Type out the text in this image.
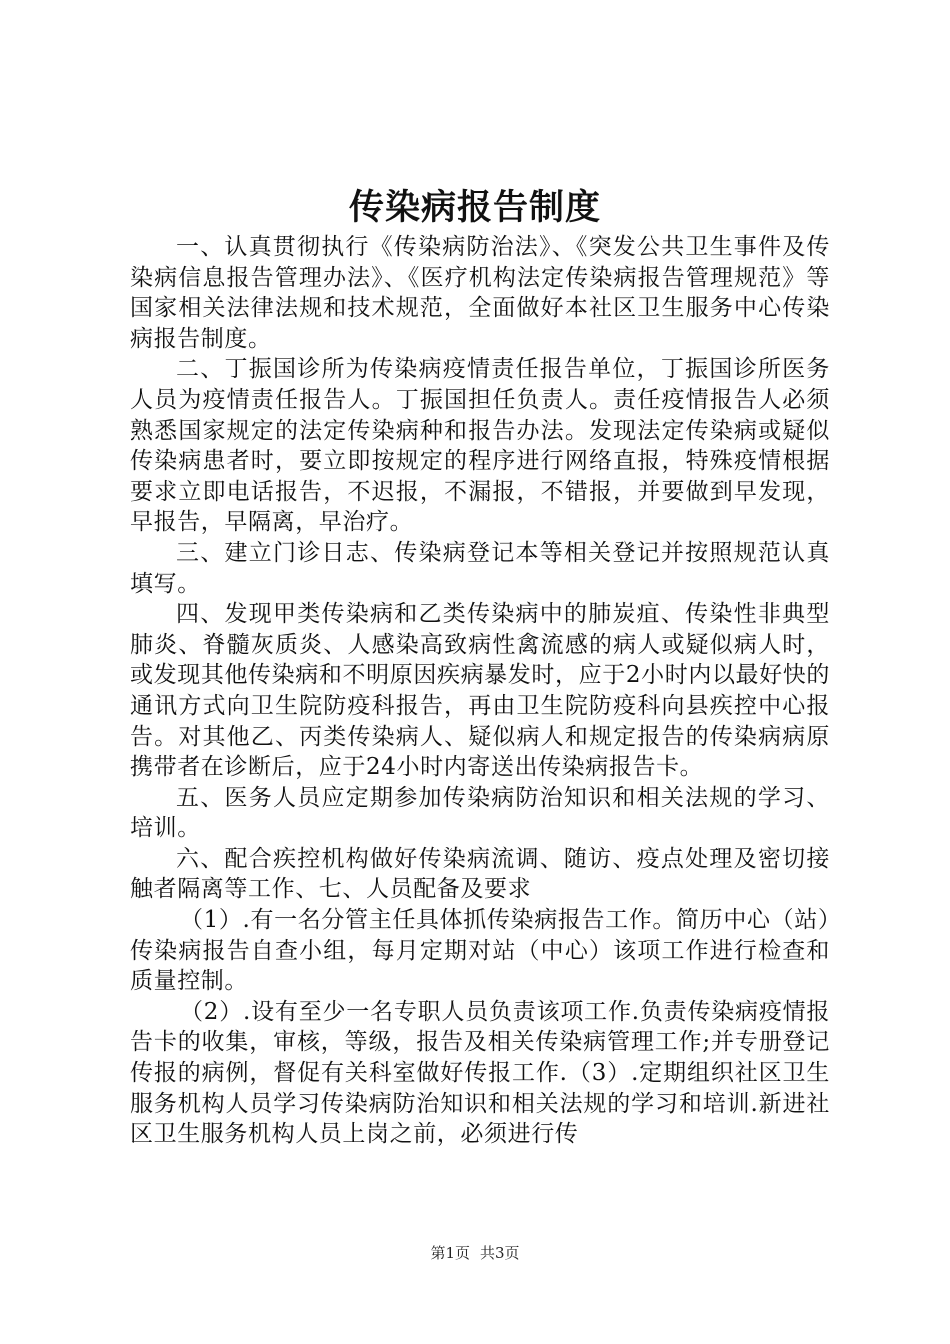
传染病报告制度

一、认真贯彻执行《传染病防治法》、《突发公共卫生事件及传染病信息报告管理办法》、《医疗机构法定传染病报告管理规范》等国家相关法律法规和技术规范，全面做好本社区卫生服务中心传染病报告制度。

二、丁振国诊所为传染病疫情责任报告单位，丁振国诊所医务人员为疫情责任报告人。丁振国担任负责人。责任疫情报告人必须熟悉国家规定的法定传染病种和报告办法。发现法定传染病或疑似传染病患者时，要立即按规定的程序进行网络直报，特殊疫情根据要求立即电话报告，不迟报，不漏报，不错报，并要做到早发现，早报告，早隔离，早治疗。

三、建立门诊日志、传染病登记本等相关登记并按照规范认真填写。

四、发现甲类传染病和乙类传染病中的肺炭疽、传染性非典型肺炎、脊髓灰质炎、人感染高致病性禽流感的病人或疑似病人时，或发现其他传染病和不明原因疾病暴发时，应于2小时内以最好快的通讯方式向卫生院防疫科报告，再由卫生院防疫科向县疾控中心报告。对其他乙、丙类传染病人、疑似病人和规定报告的传染病病原携带者在诊断后，应于24小时内寄送出传染病报告卡。

五、医务人员应定期参加传染病防治知识和相关法规的学习、培训。

六、配合疾控机构做好传染病流调、随访、疫点处理及密切接触者隔离等工作、七、人员配备及要求

（1）.有一名分管主任具体抓传染病报告工作。简历中心（站）传染病报告自查小组，每月定期对站（中心）该项工作进行检查和质量控制。

（2）.设有至少一名专职人员负责该项工作.负责传染病疫情报告卡的收集，审核，等级，报告及相关传染病管理工作;并专册登记传报的病例，督促有关科室做好传报工作.（3）.定期组织社区卫生服务机构人员学习传染病防治知识和相关法规的学习和培训.新进社区卫生服务机构人员上岗之前，必须进行传

第1页 共3页
